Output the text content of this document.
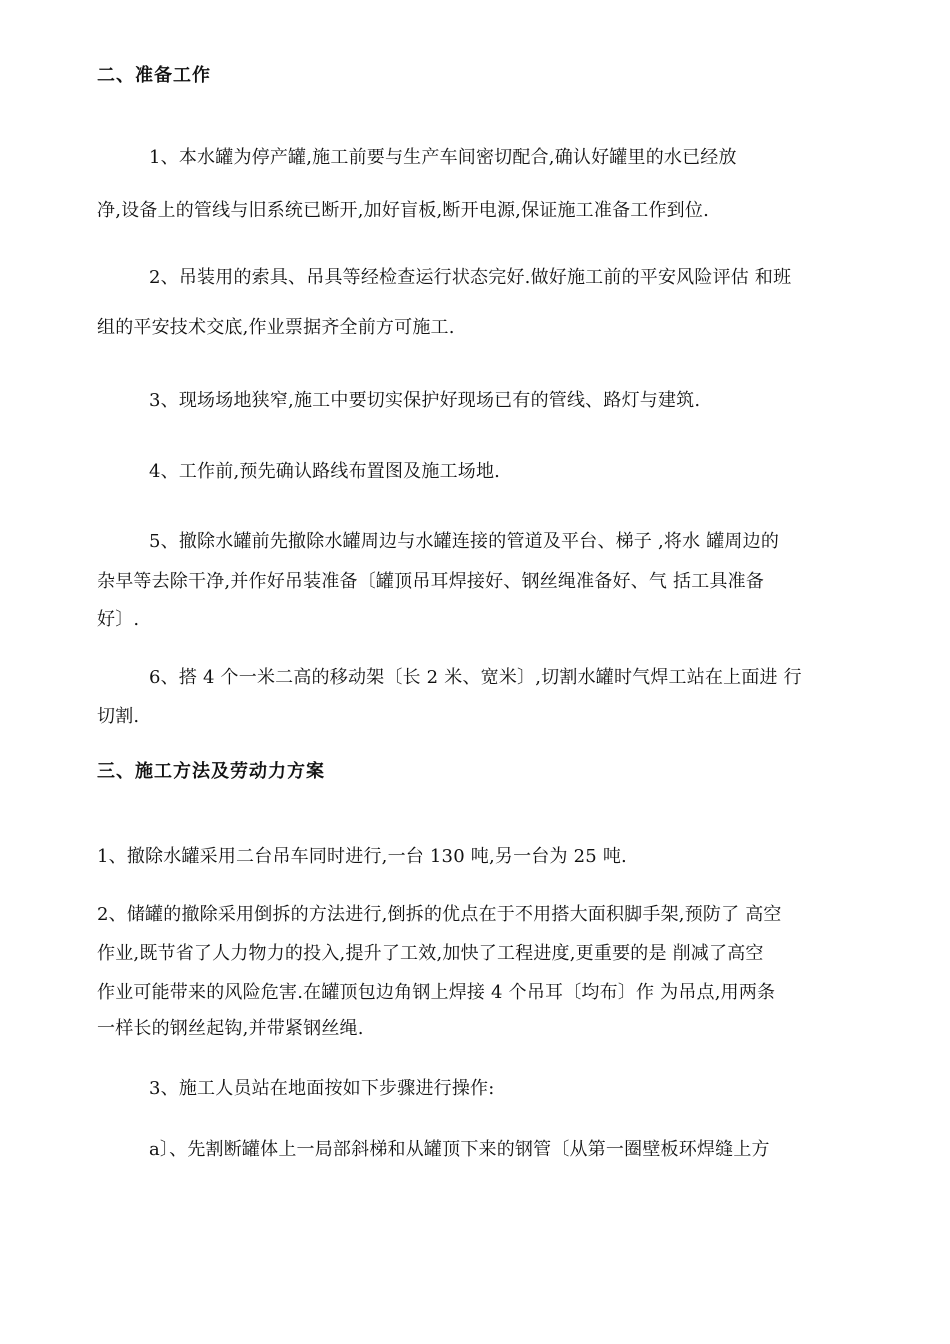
二、准备工作
1、本水罐为停产罐,施工前要与生产车间密切配合,确认好罐里的水已经放
净,设备上的管线与旧系统已断开,加好盲板,断开电源,保证施工准备工作到位.
2、吊装用的索具、吊具等经检查运行状态完好.做好施工前的平安风险评估 和班
组的平安技术交底,作业票据齐全前方可施工.
3、现场场地狭窄,施工中要切实保护好现场已有的管线、路灯与建筑.
4、工作前,预先确认路线布置图及施工场地.
5、撤除水罐前先撤除水罐周边与水罐连接的管道及平台、梯子 ,将水 罐周边的
杂早等去除干净,并作好吊装准备〔罐顶吊耳焊接好、钢丝绳准备好、气 括工具准备
好〕.
6、搭 4 个一米二高的移动架〔长 2 米、宽米〕,切割水罐时气焊工站在上面进 行
切割.
三、施工方法及劳动力方案
1、撤除水罐采用二台吊车同时进行,一台 130 吨,另一台为 25 吨.
2、储罐的撤除采用倒拆的方法进行,倒拆的优点在于不用搭大面积脚手架,预防了 高空
作业,既节省了人力物力的投入,提升了工效,加快了工程进度,更重要的是 削减了高空
作业可能带来的风险危害.在罐顶包边角钢上焊接 4 个吊耳〔均布〕作 为吊点,用两条
一样长的钢丝起钩,并带紧钢丝绳.
3、施工人员站在地面按如下步骤进行操作:
a〕、先割断罐体上一局部斜梯和从罐顶下来的钢管〔从第一圈壁板环焊缝上方
